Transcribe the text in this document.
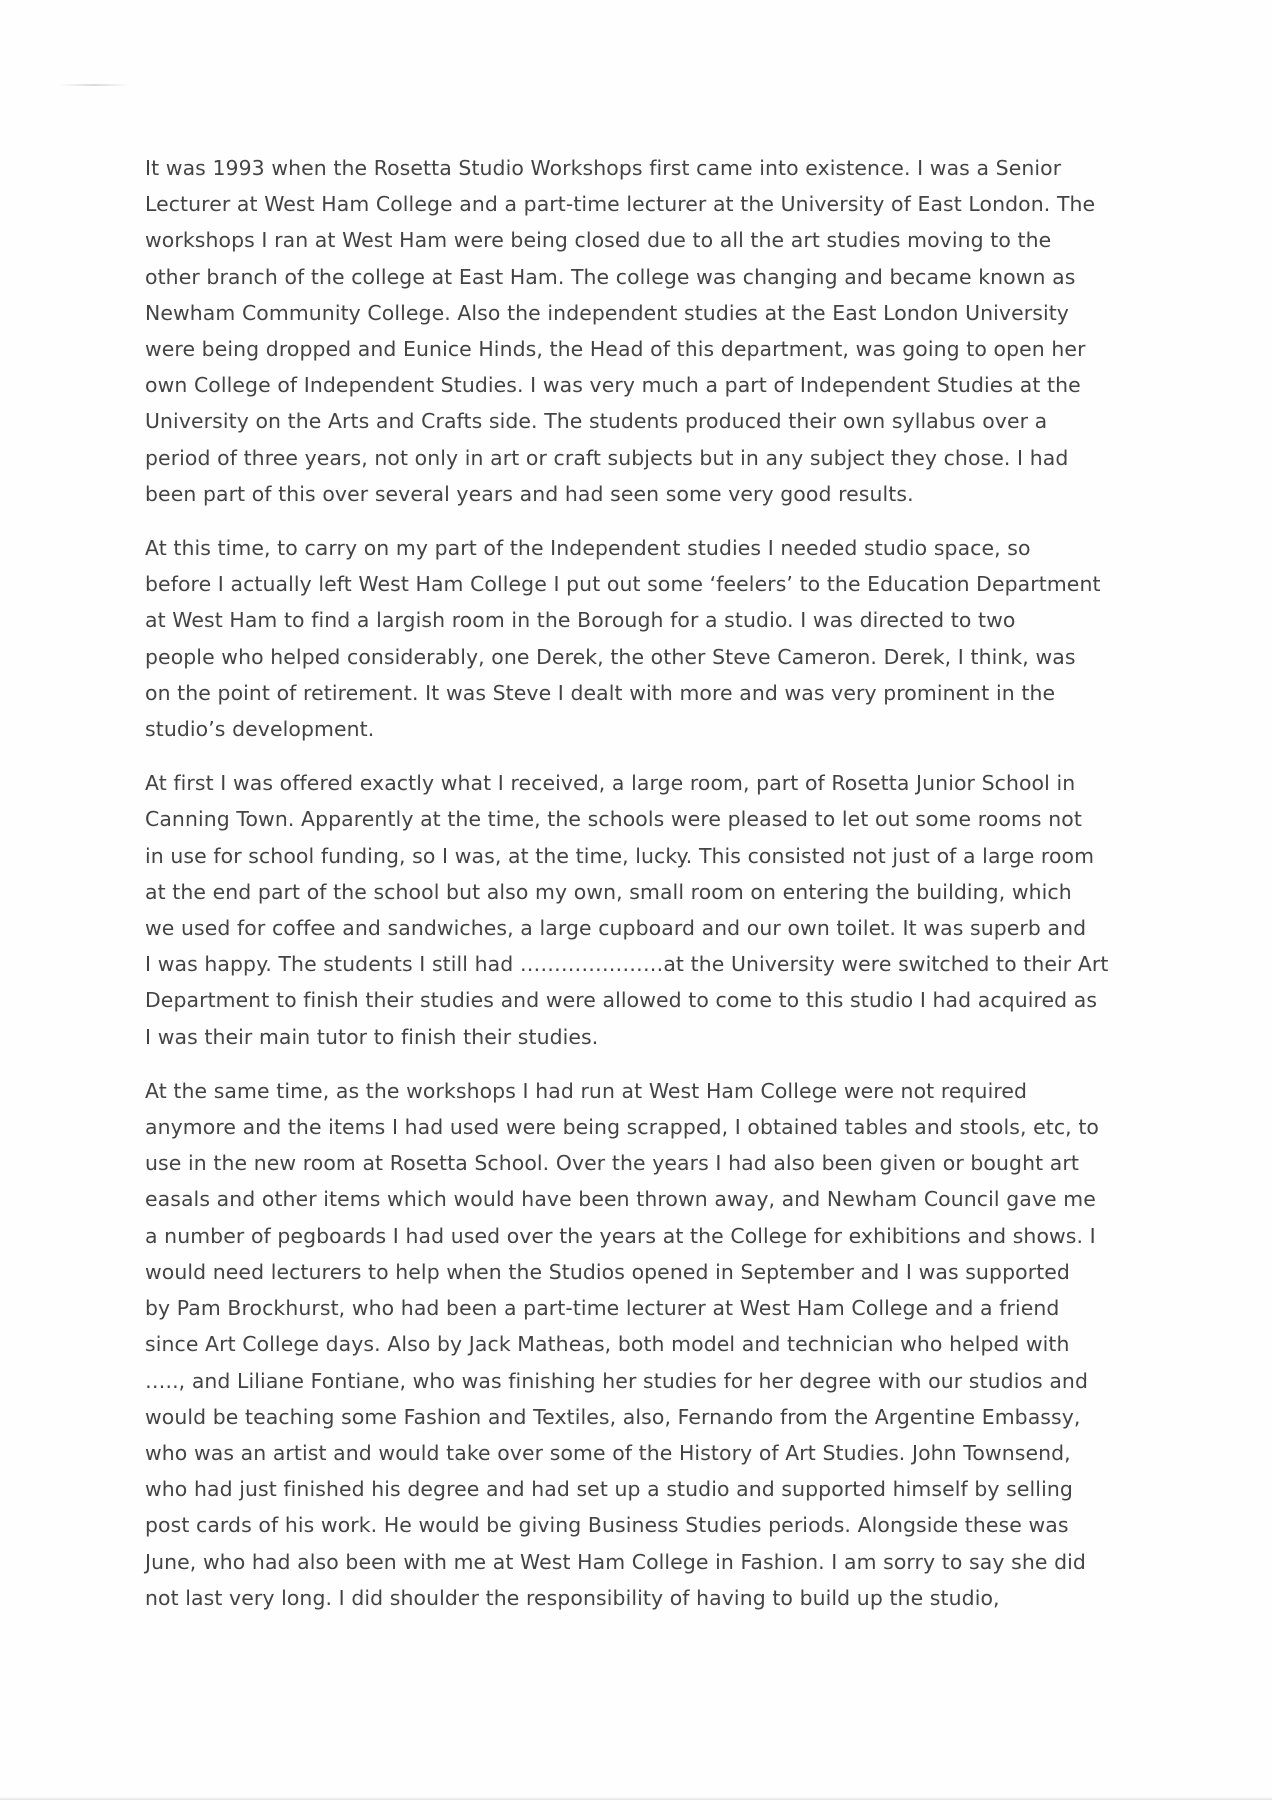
It was 1993 when the Rosetta Studio Workshops first came into existence. I was a Senior
Lecturer at West Ham College and a part-time lecturer at the University of East London. The
workshops I ran at West Ham were being closed due to all the art studies moving to the
other branch of the college at East Ham. The college was changing and became known as
Newham Community College. Also the independent studies at the East London University
were being dropped and Eunice Hinds, the Head of this department, was going to open her
own College of Independent Studies. I was very much a part of Independent Studies at the
University on the Arts and Crafts side. The students produced their own syllabus over a
period of three years, not only in art or craft subjects but in any subject they chose. I had
been part of this over several years and had seen some very good results.

At this time, to carry on my part of the Independent studies I needed studio space, so
before I actually left West Ham College I put out some ‘feelers’ to the Education Department
at West Ham to find a largish room in the Borough for a studio. I was directed to two
people who helped considerably, one Derek, the other Steve Cameron. Derek, I think, was
on the point of retirement. It was Steve I dealt with more and was very prominent in the
studio’s development.

At first I was offered exactly what I received, a large room, part of Rosetta Junior School in
Canning Town. Apparently at the time, the schools were pleased to let out some rooms not
in use for school funding, so I was, at the time, lucky. This consisted not just of a large room
at the end part of the school but also my own, small room on entering the building, which
we used for coffee and sandwiches, a large cupboard and our own toilet. It was superb and
I was happy. The students I still had …………………at the University were switched to their Art
Department to finish their studies and were allowed to come to this studio I had acquired as
I was their main tutor to finish their studies.

At the same time, as the workshops I had run at West Ham College were not required
anymore and the items I had used were being scrapped, I obtained tables and stools, etc, to
use in the new room at Rosetta School. Over the years I had also been given or bought art
easals and other items which would have been thrown away, and Newham Council gave me
a number of pegboards I had used over the years at the College for exhibitions and shows. I
would need lecturers to help when the Studios opened in September and I was supported
by Pam Brockhurst, who had been a part-time lecturer at West Ham College and a friend
since Art College days. Also by Jack Matheas, both model and technician who helped with
….., and Liliane Fontiane, who was finishing her studies for her degree with our studios and
would be teaching some Fashion and Textiles, also, Fernando from the Argentine Embassy,
who was an artist and would take over some of the History of Art Studies. John Townsend,
who had just finished his degree and had set up a studio and supported himself by selling
post cards of his work. He would be giving Business Studies periods. Alongside these was
June, who had also been with me at West Ham College in Fashion. I am sorry to say she did
not last very long. I did shoulder the responsibility of having to build up the studio,
